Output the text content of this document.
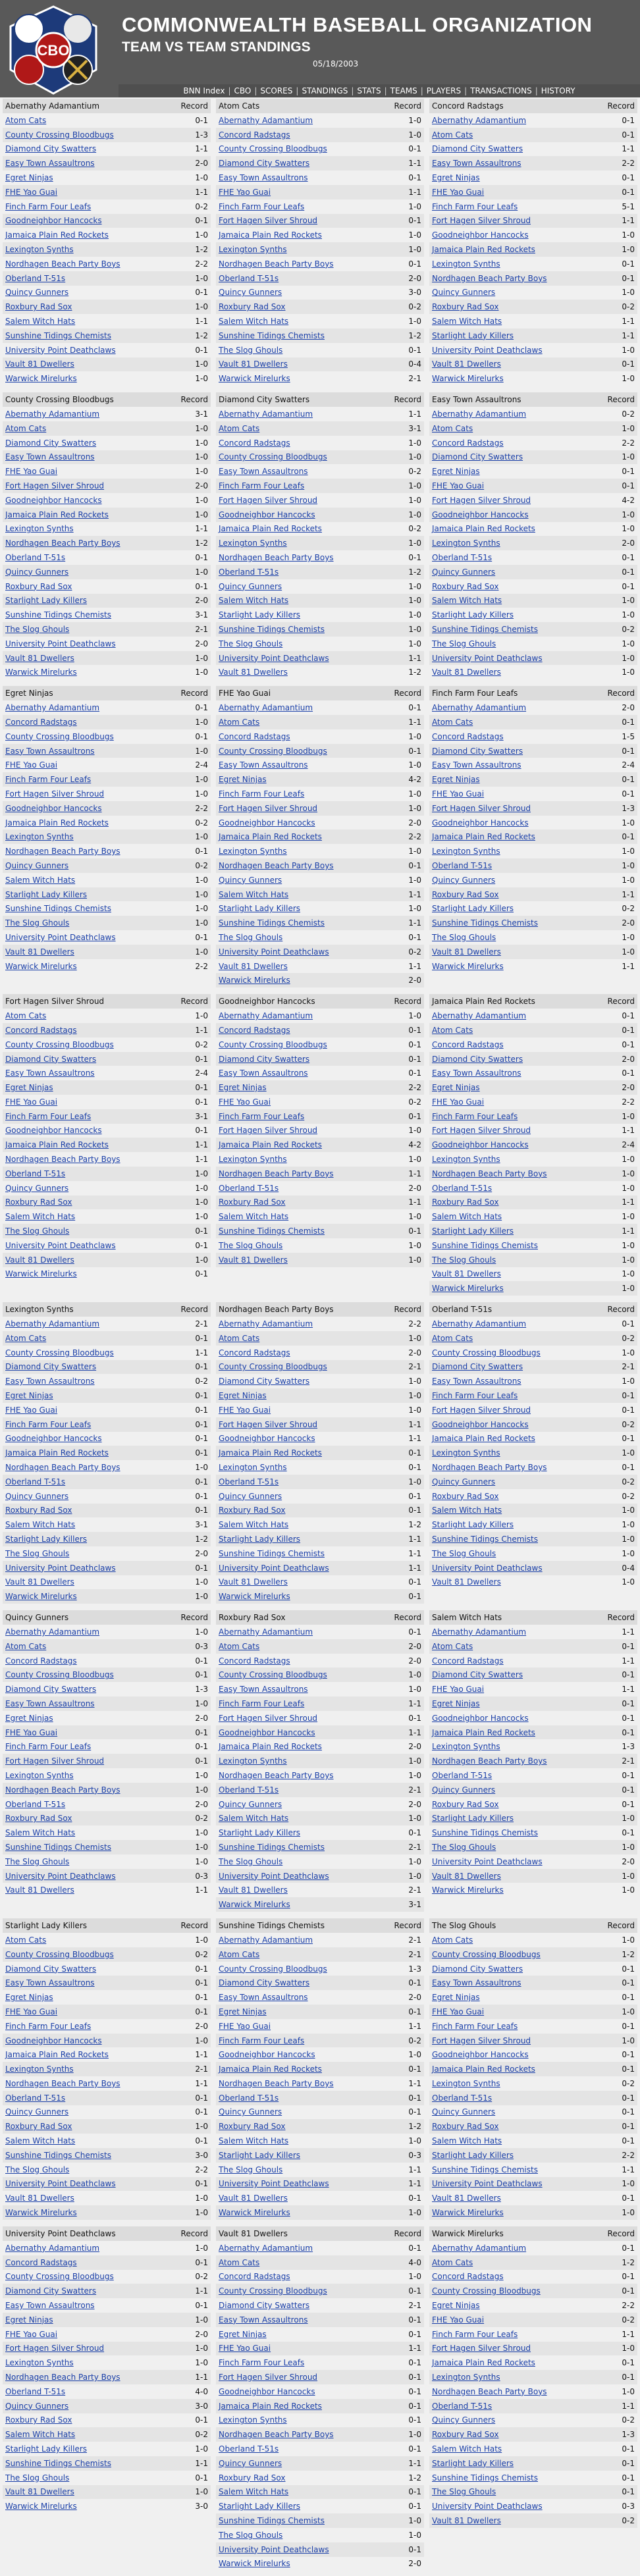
CBO
COMMONWEALTH BASEBALL ORGANIZATION
TEAM VS TEAM STANDINGS
05/18/2003
BNN Index | CBO | SCORES | STANDINGS | STATS | TEAMS | PLAYERS | TRANSACTIONS | HISTORY
Abernathy Adamantium	Record
Atom Cats	0-1
County Crossing Bloodbugs	1-3
Diamond City Swatters	1-1
Easy Town Assaultrons	2-0
Egret Ninjas	1-0
FHE Yao Guai	1-1
Finch Farm Four Leafs	0-2
Goodneighbor Hancocks	0-1
Jamaica Plain Red Rockets	1-0
Lexington Synths	1-2
Nordhagen Beach Party Boys	2-2
Oberland T-51s	1-0
Quincy Gunners	0-1
Roxbury Rad Sox	1-0
Salem Witch Hats	1-1
Sunshine Tidings Chemists	1-2
University Point Deathclaws	0-1
Vault 81 Dwellers	1-0
Warwick Mirelurks	1-0
Atom Cats	Record
Abernathy Adamantium	1-0
Concord Radstags	1-0
County Crossing Bloodbugs	0-1
Diamond City Swatters	1-1
Easy Town Assaultrons	0-1
FHE Yao Guai	1-1
Finch Farm Four Leafs	1-0
Fort Hagen Silver Shroud	0-1
Jamaica Plain Red Rockets	1-0
Lexington Synths	1-0
Nordhagen Beach Party Boys	0-1
Oberland T-51s	2-0
Quincy Gunners	3-0
Roxbury Rad Sox	0-2
Salem Witch Hats	1-0
Sunshine Tidings Chemists	1-2
The Slog Ghouls	0-1
Vault 81 Dwellers	0-4
Warwick Mirelurks	2-1
Concord Radstags	Record
Abernathy Adamantium	0-1
Atom Cats	0-1
Diamond City Swatters	1-1
Easy Town Assaultrons	2-2
Egret Ninjas	0-1
FHE Yao Guai	0-1
Finch Farm Four Leafs	5-1
Fort Hagen Silver Shroud	1-1
Goodneighbor Hancocks	1-0
Jamaica Plain Red Rockets	1-0
Lexington Synths	0-1
Nordhagen Beach Party Boys	0-1
Quincy Gunners	1-0
Roxbury Rad Sox	0-2
Salem Witch Hats	1-1
Starlight Lady Killers	1-1
University Point Deathclaws	1-0
Vault 81 Dwellers	0-1
Warwick Mirelurks	1-0
County Crossing Bloodbugs	Record
Abernathy Adamantium	3-1
Atom Cats	1-0
Diamond City Swatters	1-0
Easy Town Assaultrons	1-0
FHE Yao Guai	1-0
Fort Hagen Silver Shroud	2-0
Goodneighbor Hancocks	1-0
Jamaica Plain Red Rockets	1-0
Lexington Synths	1-1
Nordhagen Beach Party Boys	1-2
Oberland T-51s	0-1
Quincy Gunners	1-0
Roxbury Rad Sox	0-1
Starlight Lady Killers	2-0
Sunshine Tidings Chemists	3-1
The Slog Ghouls	2-1
University Point Deathclaws	2-0
Vault 81 Dwellers	1-0
Warwick Mirelurks	1-0
Diamond City Swatters	Record
Abernathy Adamantium	1-1
Atom Cats	3-1
Concord Radstags	1-0
County Crossing Bloodbugs	1-0
Easy Town Assaultrons	0-2
Finch Farm Four Leafs	1-0
Fort Hagen Silver Shroud	1-0
Goodneighbor Hancocks	1-0
Jamaica Plain Red Rockets	0-2
Lexington Synths	1-0
Nordhagen Beach Party Boys	0-1
Oberland T-51s	1-2
Quincy Gunners	1-0
Salem Witch Hats	1-0
Starlight Lady Killers	1-0
Sunshine Tidings Chemists	1-0
The Slog Ghouls	1-0
University Point Deathclaws	1-1
Vault 81 Dwellers	1-2
Easy Town Assaultrons	Record
Abernathy Adamantium	0-2
Atom Cats	1-0
Concord Radstags	2-2
Diamond City Swatters	1-0
Egret Ninjas	0-1
FHE Yao Guai	0-1
Fort Hagen Silver Shroud	4-2
Goodneighbor Hancocks	1-0
Jamaica Plain Red Rockets	1-0
Lexington Synths	2-0
Oberland T-51s	0-1
Quincy Gunners	0-1
Roxbury Rad Sox	0-1
Salem Witch Hats	1-0
Starlight Lady Killers	1-0
Sunshine Tidings Chemists	0-2
The Slog Ghouls	1-0
University Point Deathclaws	1-0
Vault 81 Dwellers	1-0
Egret Ninjas	Record
Abernathy Adamantium	0-1
Concord Radstags	1-0
County Crossing Bloodbugs	0-1
Easy Town Assaultrons	1-0
FHE Yao Guai	2-4
Finch Farm Four Leafs	1-0
Fort Hagen Silver Shroud	1-0
Goodneighbor Hancocks	2-2
Jamaica Plain Red Rockets	0-2
Lexington Synths	1-0
Nordhagen Beach Party Boys	0-1
Quincy Gunners	0-2
Salem Witch Hats	1-0
Starlight Lady Killers	1-0
Sunshine Tidings Chemists	1-0
The Slog Ghouls	1-0
University Point Deathclaws	0-1
Vault 81 Dwellers	1-0
Warwick Mirelurks	2-2
FHE Yao Guai	Record
Abernathy Adamantium	0-1
Atom Cats	1-1
Concord Radstags	1-0
County Crossing Bloodbugs	0-1
Easy Town Assaultrons	1-0
Egret Ninjas	4-2
Finch Farm Four Leafs	1-0
Fort Hagen Silver Shroud	1-0
Goodneighbor Hancocks	2-0
Jamaica Plain Red Rockets	2-2
Lexington Synths	1-0
Nordhagen Beach Party Boys	0-1
Quincy Gunners	1-0
Salem Witch Hats	1-1
Starlight Lady Killers	1-0
Sunshine Tidings Chemists	1-1
The Slog Ghouls	0-1
University Point Deathclaws	0-2
Vault 81 Dwellers	1-1
Warwick Mirelurks	2-0
Finch Farm Four Leafs	Record
Abernathy Adamantium	2-0
Atom Cats	0-1
Concord Radstags	1-5
Diamond City Swatters	0-1
Easy Town Assaultrons	2-4
Egret Ninjas	0-1
FHE Yao Guai	0-1
Fort Hagen Silver Shroud	1-3
Goodneighbor Hancocks	1-0
Jamaica Plain Red Rockets	0-1
Lexington Synths	1-0
Oberland T-51s	1-0
Quincy Gunners	1-0
Roxbury Rad Sox	1-1
Starlight Lady Killers	0-2
Sunshine Tidings Chemists	2-0
The Slog Ghouls	1-0
Vault 81 Dwellers	1-0
Warwick Mirelurks	1-1
Fort Hagen Silver Shroud	Record
Atom Cats	1-0
Concord Radstags	1-1
County Crossing Bloodbugs	0-2
Diamond City Swatters	0-1
Easy Town Assaultrons	2-4
Egret Ninjas	0-1
FHE Yao Guai	0-1
Finch Farm Four Leafs	3-1
Goodneighbor Hancocks	0-1
Jamaica Plain Red Rockets	1-1
Nordhagen Beach Party Boys	1-1
Oberland T-51s	1-0
Quincy Gunners	1-0
Roxbury Rad Sox	1-0
Salem Witch Hats	1-0
The Slog Ghouls	0-1
University Point Deathclaws	0-1
Vault 81 Dwellers	1-0
Warwick Mirelurks	0-1
Goodneighbor Hancocks	Record
Abernathy Adamantium	1-0
Concord Radstags	0-1
County Crossing Bloodbugs	0-1
Diamond City Swatters	0-1
Easy Town Assaultrons	0-1
Egret Ninjas	2-2
FHE Yao Guai	0-2
Finch Farm Four Leafs	0-1
Fort Hagen Silver Shroud	1-0
Jamaica Plain Red Rockets	4-2
Lexington Synths	1-0
Nordhagen Beach Party Boys	1-1
Oberland T-51s	2-0
Roxbury Rad Sox	1-1
Salem Witch Hats	1-0
Sunshine Tidings Chemists	0-1
The Slog Ghouls	1-0
Vault 81 Dwellers	1-0
Jamaica Plain Red Rockets	Record
Abernathy Adamantium	0-1
Atom Cats	0-1
Concord Radstags	0-1
Diamond City Swatters	2-0
Easy Town Assaultrons	0-1
Egret Ninjas	2-0
FHE Yao Guai	2-2
Finch Farm Four Leafs	1-0
Fort Hagen Silver Shroud	1-1
Goodneighbor Hancocks	2-4
Lexington Synths	1-0
Nordhagen Beach Party Boys	1-0
Oberland T-51s	1-0
Roxbury Rad Sox	1-1
Salem Witch Hats	1-0
Starlight Lady Killers	1-1
Sunshine Tidings Chemists	1-0
The Slog Ghouls	1-0
Vault 81 Dwellers	1-0
Warwick Mirelurks	1-0
Lexington Synths	Record
Abernathy Adamantium	2-1
Atom Cats	0-1
County Crossing Bloodbugs	1-1
Diamond City Swatters	0-1
Easy Town Assaultrons	0-2
Egret Ninjas	0-1
FHE Yao Guai	0-1
Finch Farm Four Leafs	0-1
Goodneighbor Hancocks	0-1
Jamaica Plain Red Rockets	0-1
Nordhagen Beach Party Boys	1-0
Oberland T-51s	0-1
Quincy Gunners	0-1
Roxbury Rad Sox	0-1
Salem Witch Hats	3-1
Starlight Lady Killers	1-2
The Slog Ghouls	2-0
University Point Deathclaws	0-1
Vault 81 Dwellers	1-0
Warwick Mirelurks	1-0
Nordhagen Beach Party Boys	Record
Abernathy Adamantium	2-2
Atom Cats	1-0
Concord Radstags	2-0
County Crossing Bloodbugs	2-1
Diamond City Swatters	1-0
Egret Ninjas	1-0
FHE Yao Guai	1-0
Fort Hagen Silver Shroud	1-1
Goodneighbor Hancocks	1-1
Jamaica Plain Red Rockets	0-1
Lexington Synths	0-1
Oberland T-51s	1-0
Quincy Gunners	0-1
Roxbury Rad Sox	0-1
Salem Witch Hats	1-2
Starlight Lady Killers	1-1
Sunshine Tidings Chemists	1-1
University Point Deathclaws	1-1
Vault 81 Dwellers	0-1
Warwick Mirelurks	0-1
Oberland T-51s	Record
Abernathy Adamantium	0-1
Atom Cats	0-2
County Crossing Bloodbugs	1-0
Diamond City Swatters	2-1
Easy Town Assaultrons	1-0
Finch Farm Four Leafs	0-1
Fort Hagen Silver Shroud	0-1
Goodneighbor Hancocks	0-2
Jamaica Plain Red Rockets	0-1
Lexington Synths	1-0
Nordhagen Beach Party Boys	0-1
Quincy Gunners	0-2
Roxbury Rad Sox	0-2
Salem Witch Hats	1-0
Starlight Lady Killers	1-0
Sunshine Tidings Chemists	1-0
The Slog Ghouls	1-0
University Point Deathclaws	0-4
Vault 81 Dwellers	1-0
Quincy Gunners	Record
Abernathy Adamantium	1-0
Atom Cats	0-3
Concord Radstags	0-1
County Crossing Bloodbugs	0-1
Diamond City Swatters	1-3
Easy Town Assaultrons	1-0
Egret Ninjas	2-0
FHE Yao Guai	0-1
Finch Farm Four Leafs	0-1
Fort Hagen Silver Shroud	0-1
Lexington Synths	1-0
Nordhagen Beach Party Boys	1-0
Oberland T-51s	2-0
Roxbury Rad Sox	0-2
Salem Witch Hats	1-0
Sunshine Tidings Chemists	1-0
The Slog Ghouls	1-0
University Point Deathclaws	0-3
Vault 81 Dwellers	1-1
Roxbury Rad Sox	Record
Abernathy Adamantium	0-1
Atom Cats	2-0
Concord Radstags	2-0
County Crossing Bloodbugs	1-0
Easy Town Assaultrons	1-0
Finch Farm Four Leafs	1-1
Fort Hagen Silver Shroud	0-1
Goodneighbor Hancocks	1-1
Jamaica Plain Red Rockets	2-0
Lexington Synths	1-0
Nordhagen Beach Party Boys	1-0
Oberland T-51s	2-1
Quincy Gunners	2-0
Salem Witch Hats	1-0
Starlight Lady Killers	0-1
Sunshine Tidings Chemists	2-1
The Slog Ghouls	1-0
University Point Deathclaws	1-0
Vault 81 Dwellers	2-1
Warwick Mirelurks	3-1
Salem Witch Hats	Record
Abernathy Adamantium	1-1
Atom Cats	0-1
Concord Radstags	1-1
Diamond City Swatters	0-1
FHE Yao Guai	1-1
Egret Ninjas	0-1
Goodneighbor Hancocks	0-1
Jamaica Plain Red Rockets	0-1
Lexington Synths	1-3
Nordhagen Beach Party Boys	2-1
Oberland T-51s	0-1
Quincy Gunners	0-1
Roxbury Rad Sox	0-1
Starlight Lady Killers	1-0
Sunshine Tidings Chemists	0-1
The Slog Ghouls	1-0
University Point Deathclaws	2-0
Vault 81 Dwellers	1-0
Warwick Mirelurks	1-0
Starlight Lady Killers	Record
Atom Cats	1-0
County Crossing Bloodbugs	0-2
Diamond City Swatters	0-1
Easy Town Assaultrons	0-1
Egret Ninjas	0-1
FHE Yao Guai	0-1
Finch Farm Four Leafs	2-0
Goodneighbor Hancocks	1-0
Jamaica Plain Red Rockets	1-1
Lexington Synths	2-1
Nordhagen Beach Party Boys	1-1
Oberland T-51s	0-1
Quincy Gunners	0-1
Roxbury Rad Sox	1-0
Salem Witch Hats	0-1
Sunshine Tidings Chemists	3-0
The Slog Ghouls	2-2
University Point Deathclaws	0-1
Vault 81 Dwellers	1-0
Warwick Mirelurks	1-0
Sunshine Tidings Chemists	Record
Abernathy Adamantium	2-1
Atom Cats	2-1
County Crossing Bloodbugs	1-3
Diamond City Swatters	0-1
Easy Town Assaultrons	2-0
Egret Ninjas	0-1
FHE Yao Guai	1-1
Finch Farm Four Leafs	0-2
Goodneighbor Hancocks	1-0
Jamaica Plain Red Rockets	0-1
Nordhagen Beach Party Boys	1-1
Oberland T-51s	0-1
Quincy Gunners	0-1
Roxbury Rad Sox	1-2
Salem Witch Hats	1-0
Starlight Lady Killers	0-3
The Slog Ghouls	1-1
University Point Deathclaws	1-1
Vault 81 Dwellers	0-1
Warwick Mirelurks	1-0
The Slog Ghouls	Record
Atom Cats	1-0
County Crossing Bloodbugs	1-2
Diamond City Swatters	0-1
Easy Town Assaultrons	0-1
Egret Ninjas	0-1
FHE Yao Guai	1-0
Finch Farm Four Leafs	0-1
Fort Hagen Silver Shroud	1-0
Goodneighbor Hancocks	0-1
Jamaica Plain Red Rockets	0-1
Lexington Synths	0-2
Oberland T-51s	0-1
Quincy Gunners	0-1
Roxbury Rad Sox	0-1
Salem Witch Hats	0-1
Starlight Lady Killers	2-2
Sunshine Tidings Chemists	1-1
University Point Deathclaws	1-0
Vault 81 Dwellers	0-1
Warwick Mirelurks	1-0
University Point Deathclaws	Record
Abernathy Adamantium	1-0
Concord Radstags	0-1
County Crossing Bloodbugs	0-2
Diamond City Swatters	1-1
Easy Town Assaultrons	0-1
Egret Ninjas	1-0
FHE Yao Guai	2-0
Fort Hagen Silver Shroud	1-0
Lexington Synths	1-0
Nordhagen Beach Party Boys	1-1
Oberland T-51s	4-0
Quincy Gunners	3-0
Roxbury Rad Sox	0-1
Salem Witch Hats	0-2
Starlight Lady Killers	1-0
Sunshine Tidings Chemists	1-1
The Slog Ghouls	0-1
Vault 81 Dwellers	1-0
Warwick Mirelurks	3-0
Vault 81 Dwellers	Record
Abernathy Adamantium	0-1
Atom Cats	4-0
Concord Radstags	1-0
County Crossing Bloodbugs	0-1
Diamond City Swatters	2-1
Easy Town Assaultrons	0-1
Egret Ninjas	0-1
FHE Yao Guai	1-1
Finch Farm Four Leafs	0-1
Fort Hagen Silver Shroud	0-1
Goodneighbor Hancocks	0-1
Jamaica Plain Red Rockets	0-1
Lexington Synths	0-1
Nordhagen Beach Party Boys	1-0
Oberland T-51s	0-1
Quincy Gunners	1-1
Roxbury Rad Sox	1-2
Salem Witch Hats	0-1
Starlight Lady Killers	0-1
Sunshine Tidings Chemists	1-0
The Slog Ghouls	1-0
University Point Deathclaws	0-1
Warwick Mirelurks	2-0
Warwick Mirelurks	Record
Abernathy Adamantium	0-1
Atom Cats	1-2
Concord Radstags	0-1
County Crossing Bloodbugs	0-1
Egret Ninjas	2-2
FHE Yao Guai	0-2
Finch Farm Four Leafs	1-1
Fort Hagen Silver Shroud	1-0
Jamaica Plain Red Rockets	0-1
Lexington Synths	0-1
Nordhagen Beach Party Boys	1-0
Oberland T-51s	1-1
Quincy Gunners	0-2
Roxbury Rad Sox	1-3
Salem Witch Hats	0-1
Starlight Lady Killers	0-1
Sunshine Tidings Chemists	0-1
The Slog Ghouls	0-1
University Point Deathclaws	0-3
Vault 81 Dwellers	0-2
